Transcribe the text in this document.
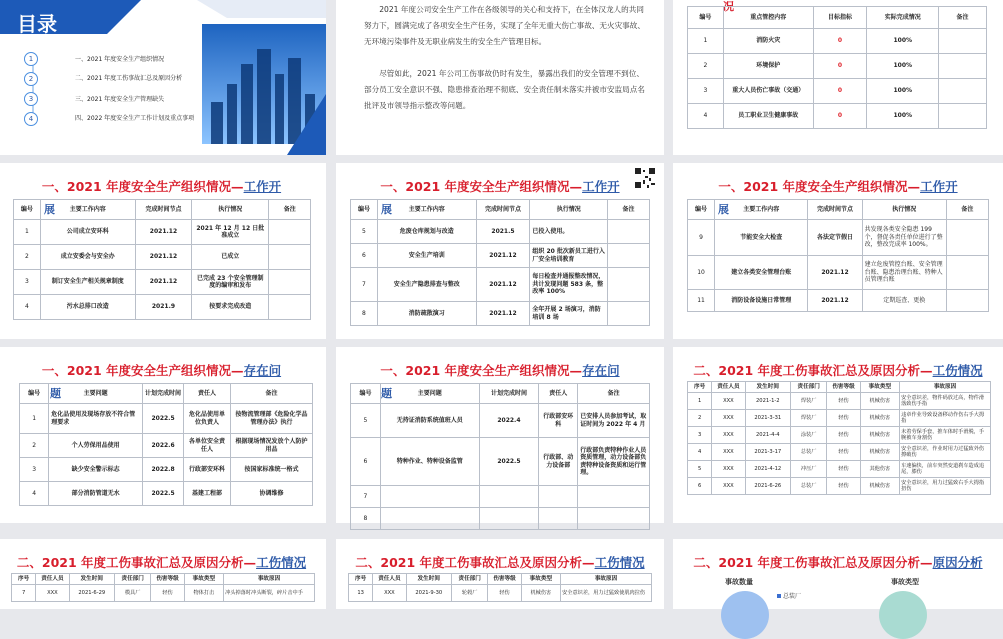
目录
1	一、2021 年度安全生产组织情况
2	二、2021 年度工伤事故汇总及原因分析
3	三、2021 年度安全生产管理缺失
4	四、2022 年度安全生产工作计划及重点事项

2021 年度公司安全生产工作在各级领导的关心和支持下，在全体汉龙人的共同努力下，圆满完成了各项安全生产任务，实现了全年无重大伤亡事故、无火灾事故、无环境污染事件及无职业病发生的安全生产管理目标。

尽管如此，2021 年公司工伤事故仍时有发生，暴露出我们的安全管理不到位、部分员工安全意识不强、隐患排查治理不彻底、安全责任制未落实并被市安监局点名批评及市领导指示整改等问题。

况
编号	重点管控内容	目标指标	实际完成情况	备注
1	消防火灾	0	100%	
2	环境保护	0	100%	
3	重大人员伤亡事故（交通）	0	100%	
4	员工职业卫生健康事故	0	100%	
一、2021 年度安全生产组织情况—工作开
编号 展	主要工作内容	完成时间节点	执行情况	备注
1	公司成立安环科	2021.12	2021 年 12 月 12 日批准成立	
2	成立安委会与安全办	2021.12	已成立	
3	制订安全生产相关规章制度	2021.12	已完成 23 个安全管理制度的编审和发布	
4	污水总排口改造	2021.9	按要求完成改造	
一、2021 年度安全生产组织情况—工作开
编号 展	主要工作内容	完成时间节点	执行情况	备注
5	危废仓库规划与改造	2021.5	已投入使用。	
6	安全生产培训	2021.12	组织 20 批次新员工进行入厂安全培训教育	
7	安全生产隐患排查与整改	2021.12	每日检查并通报整改情况，共计发现问题 583 条，整改率 100%	
8	消防疏散演习	2021.12	全年开展 2 场演习，消防培训 8 场	
一、2021 年度安全生产组织情况—工作开
编号 展	主要工作内容	完成时间节点	执行情况	备注
9	节能安全大检查	各法定节假日	共发现各类安全隐患 199 个，督促各责任单位进行了整改，整改完成率 100%。	
10	建立各类安全管理台账	2021.12	建立危废管控台账、安全管理台账、隐患治理台账、特种人员管理台账	
11	消防设备设施日常管理	2021.12	定期巡查、更换	
一、2021 年度安全生产组织情况—存在问
编号 题	主要问题	计划完成时间	责任人	备注
1	危化品使用及现场存放不符合管理要求	2022.5	危化品使用单位负责人	按物流管理部《危险化学品管理办法》执行
2	个人劳保用品使用	2022.6	各单位安全责任人	根据现场情况发放个人防护用品
3	缺少安全警示标志	2022.8	行政部安环科	按国家标准统一格式
4	部分消防管道无水	2022.5	基建工程部	协调维修
一、2021 年度安全生产组织情况—存在问
编号 题	主要问题	计划完成时间	责任人	备注
5	无持证消防系统值班人员	2022.4	行政部安环科	已安排人员参加考试，取证时间为 2022 年 4 月
6	特种作业、特种设备监管	2022.5	行政部、动力设备部	行政部负责特种作业人员资质管理，动力设备部负责特种设备资质和运行管理。
7				
8				
二、2021 年度工伤事故汇总及原因分析—工伤情况
序号	责任人员	发生时间	责任部门	伤害等级	事故类型	事故原因
1	XXX	2021-1-2	焊装厂	轻伤	机械伤害	安全意识差，物件码放过高，物件滑落致伤手指
2	XXX	2021-3-31	焊装厂	轻伤	机械伤害	违章作业导致设备移动作伤右手大拇指
3	XXX	2021-4-4	涂装厂	轻伤	机械伤害	未着劳保手套，推车体时手滑脱，手腕被车身割伤
4	XXX	2021-3-17	总装厂	轻伤	机械伤害	安全意识差，作业时用力过猛致外伤擦破伤
5	XXX	2021-4-12	冲压厂	轻伤	其他伤害	车速偏快，前车突然变道刹车造成追尾，膝伤
6	XXX	2021-6-26	总装厂	轻伤	机械伤害	安全意识差，用力过猛致右手大拇指扭伤
二、2021 年度工伤事故汇总及原因分析—工伤情况
序号	责任人员	发生时间	责任部门	伤害等级	事故类型	事故原因
7	XXX	2021-6-29	模具厂	轻伤	物体打击	冲头掉落时冲头断裂，碎片击中手
二、2021 年度工伤事故汇总及原因分析—工伤情况
序号	责任人员	发生时间	责任部门	伤害等级	事故类型	事故原因
13	XXX	2021-9-30	轮毂厂	轻伤	机械伤害	安全意识差，用力过猛致使肌肉拉伤
二、2021 年度工伤事故汇总及原因分析—原因分析
事故数量
总装厂
事故类型
